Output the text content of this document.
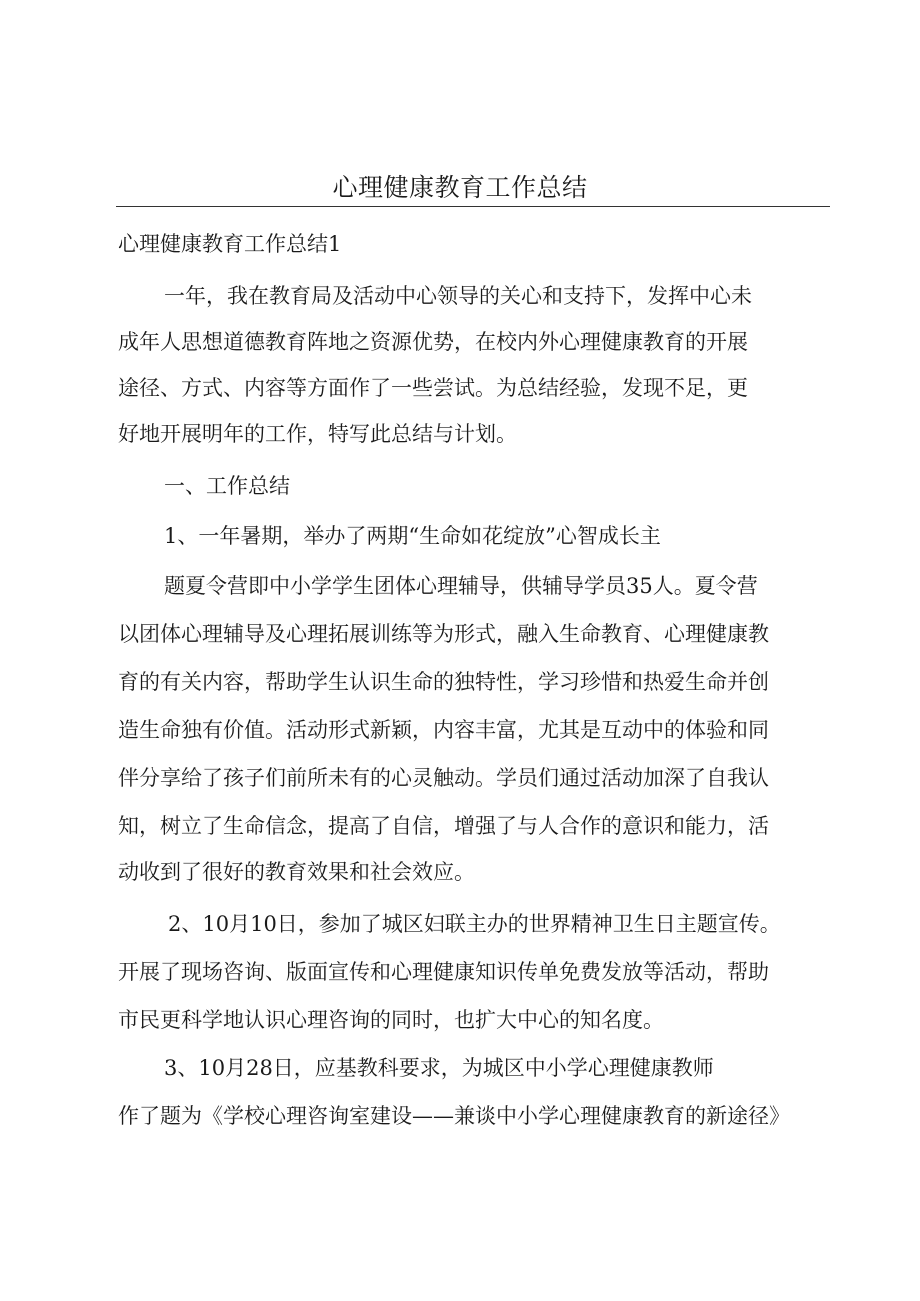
心理健康教育工作总结
心理健康教育工作总结1
一年，我在教育局及活动中心领导的关心和支持下，发挥中心未
成年人思想道德教育阵地之资源优势，在校内外心理健康教育的开展
途径、方式、内容等方面作了一些尝试。为总结经验，发现不足，更
好地开展明年的工作，特写此总结与计划。
一、工作总结
1、一年暑期，举办了两期“生命如花绽放”心智成长主
题夏令营即中小学学生团体心理辅导，供辅导学员35人。夏令营
以团体心理辅导及心理拓展训练等为形式，融入生命教育、心理健康教
育的有关内容，帮助学生认识生命的独特性，学习珍惜和热爱生命并创
造生命独有价值。活动形式新颖，内容丰富，尤其是互动中的体验和同
伴分享给了孩子们前所未有的心灵触动。学员们通过活动加深了自我认
知，树立了生命信念，提高了自信，增强了与人合作的意识和能力，活
动收到了很好的教育效果和社会效应。
2、10月10日，参加了城区妇联主办的世界精神卫生日主题宣传。
开展了现场咨询、版面宣传和心理健康知识传单免费发放等活动，帮助
市民更科学地认识心理咨询的同时，也扩大中心的知名度。
3、10月28日，应基教科要求，为城区中小学心理健康教师
作了题为《学校心理咨询室建设——兼谈中小学心理健康教育的新途径》
